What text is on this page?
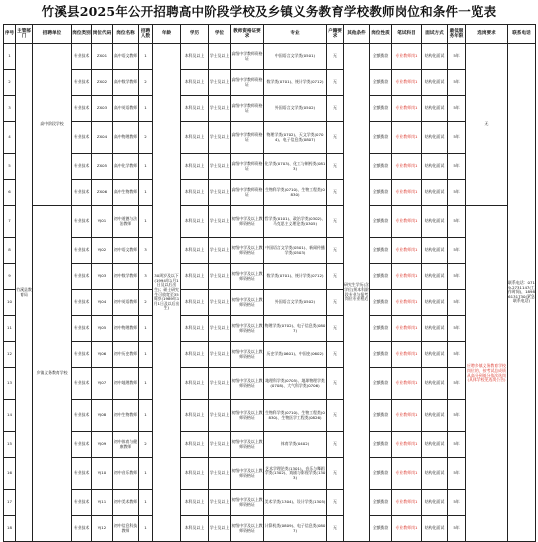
竹溪县2025年公开招聘高中阶段学校及乡镇义务教育学校教师岗位和条件一览表
序号	主管部门	招聘单位	岗位类别	岗位代码	岗位名称	招聘人数	年龄	学历	学位	教师资格证要求	专业	户籍要求	其他条件	岗位性质	笔试科目	面试方式	最低服务年限	选岗要求	联系电话
1	竹溪县教育局	高中阶段学校	专业技术	ZX01	高中语文教师	1	30周岁及以下(1994年1月1日及以后出生)；硕士研究生可放宽至35周岁(1989年1月1日及以后出生)	本科及以上	学士及以上	高级中学教师资格证	中国语言文学类(0501)	无	研究生学历(含学位)须本科阶段专业与报考岗位专业相近	全额拨款	专业教师岗1	结构化面试	5年	无	联系电话：0719-2731147(工作时间)，18986131730(紧急联系电话)
2			专业技术	ZX02	高中数学教师	2		本科及以上	学士及以上	高级中学教师资格证	数学类(0701)、统计学类(0712)	无		全额拨款	专业教师岗1	结构化面试	5年		
3			专业技术	ZX03	高中英语教师	1		本科及以上	学士及以上	高级中学教师资格证	外国语言文学类(0502)	无		全额拨款	专业教师岗1	结构化面试	5年		
4			专业技术	ZX04	高中物理教师	2		本科及以上	学士及以上	高级中学教师资格证	物理学类(0702)、天文学类(0704)、电子信息类(0807)	无		全额拨款	专业教师岗1	结构化面试	5年		
5			专业技术	ZX05	高中化学教师	1		本科及以上	学士及以上	高级中学教师资格证	化学类(0703)、化工与制药类(0813)	无		全额拨款	专业教师岗1	结构化面试	5年		
6			专业技术	ZX06	高中生物教师	1		本科及以上	学士及以上	高级中学教师资格证	生物科学类(0710)、生物工程类(0830)	无		全额拨款	专业教师岗1	结构化面试	5年		
7		乡镇义务教育学校	专业技术	YJ01	初中道德与法治教师	1		本科及以上	学士及以上	初级中学及以上教师资格证	哲学类(0101)、政治学类(0302)、马克思主义理论类(0305)	无		全额拨款	专业教师岗1	结构化面试	5年	应聘乡镇义务教育学校岗位的，按考试总成绩从高分到低分依次选岗(具体学校见选岗公告)	
8			专业技术	YJ02	初中语文教师	3		本科及以上	学士及以上	初级中学及以上教师资格证	中国语言文学类(0501)、新闻传播学类(0503)	无		全额拨款	专业教师岗1	结构化面试	5年		
9			专业技术	YJ03	初中数学教师	3		本科及以上	学士及以上	初级中学及以上教师资格证	数学类(0701)、统计学类(0712)	无		全额拨款	专业教师岗1	结构化面试	5年		
10			专业技术	YJ04	初中英语教师	2		本科及以上	学士及以上	初级中学及以上教师资格证	外国语言文学类(0502)	无		全额拨款	专业教师岗1	结构化面试	5年		
11			专业技术	YJ05	初中物理教师	1		本科及以上	学士及以上	初级中学及以上教师资格证	物理学类(0702)、电子信息类(0807)	无		全额拨款	专业教师岗1	结构化面试	5年		
12			专业技术	YJ06	初中历史教师	1		本科及以上	学士及以上	初级中学及以上教师资格证	历史学类(0601)、中国史(0602)	无		全额拨款	专业教师岗1	结构化面试	5年		
13			专业技术	YJ07	初中地理教师	1		本科及以上	学士及以上	初级中学及以上教师资格证	地理科学类(0705)、地球物理学类(0708)、大气科学类(0706)	无		全额拨款	专业教师岗1	结构化面试	5年		
14			专业技术	YJ08	初中生物教师	1		本科及以上	学士及以上	初级中学及以上教师资格证	生物科学类(0710)、生物工程类(0830)、生物医学工程类(0826)	无		全额拨款	专业教师岗1	结构化面试	5年		
15			专业技术	YJ09	初中体育与健康教师	2		本科及以上	学士及以上	初级中学及以上教师资格证	体育学类(0402)	无		全额拨款	专业教师岗1	结构化面试	5年		
16			专业技术	YJ10	初中音乐教师	1		本科及以上	学士及以上	初级中学及以上教师资格证	艺术学理论类(1301)、音乐与舞蹈学类(1302)、戏剧与影视学类(1303)	无		全额拨款	专业教师岗1	结构化面试	5年		
17			专业技术	YJ11	初中美术教师	1		本科及以上	学士及以上	初级中学及以上教师资格证	美术学类(1304)、设计学类(1305)	无		全额拨款	专业教师岗1	结构化面试	5年		
18			专业技术	YJ12	初中信息科技教师	1		本科及以上	学士及以上	初级中学及以上教师资格证	计算机类(0809)、电子信息类(0807)	无		全额拨款	专业教师岗1	结构化面试	5年		
